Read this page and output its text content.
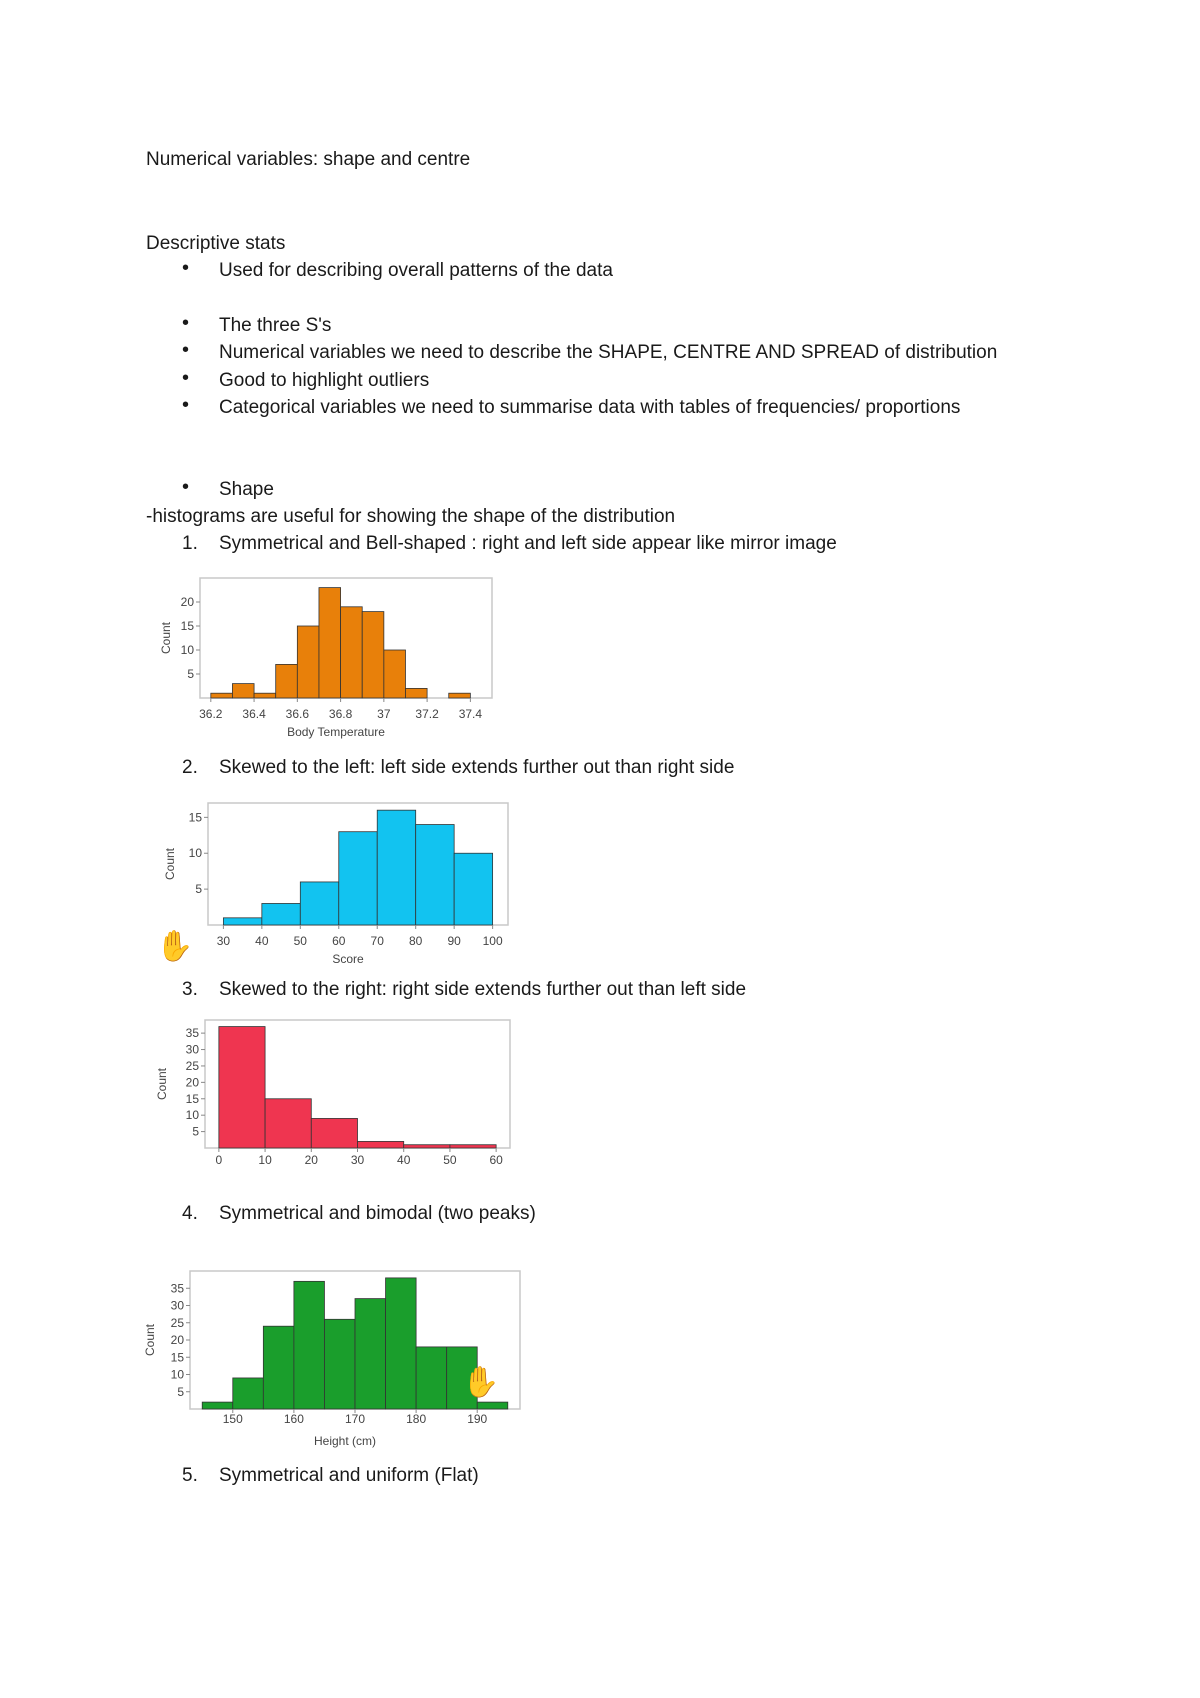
Numerical variables: shape and centre
Descriptive stats
• Used for describing overall patterns of the data
• The three S's
• Numerical variables we need to describe the SHAPE, CENTRE AND SPREAD of distribution
• Good to highlight outliers
• Categorical variables we need to summarise data with tables of frequencies/ proportions
• Shape
-histograms are useful for showing the shape of the distribution
1. Symmetrical and Bell-shaped : right and left side appear like mirror image
5
10
15
20
36.2 36.4 36.6 36.8 37 37.2 37.4
Body Temperature
Count
2. Skewed to the left: left side extends further out than right side
5
10
15
30 40 50 60 70 80 90 100
Score
Count
✋
3. Skewed to the right: right side extends further out than left side
5
10
15
20
25
30
35
0	10	20	30	40	50	60
Count
4. Symmetrical and bimodal (two peaks)
5
10
15
20
25
30
35
150	160	170	180	190
Height (cm)
Count
✋
5. Symmetrical and uniform (Flat)
